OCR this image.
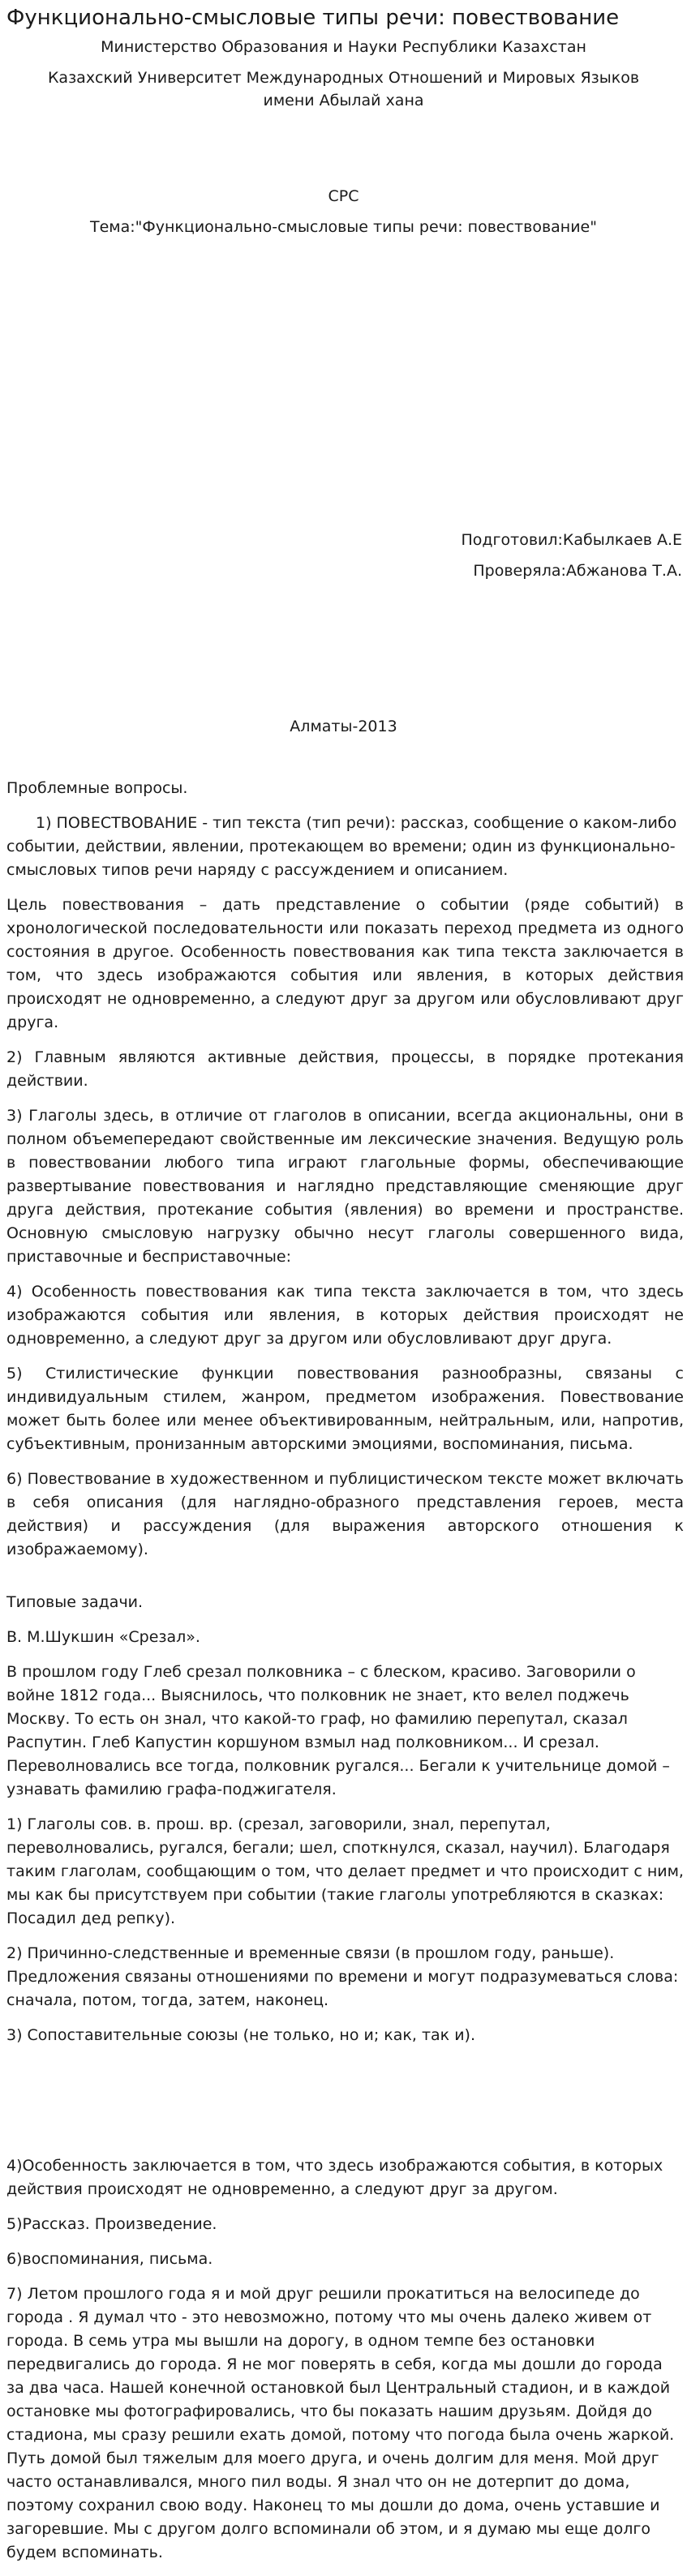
Функционально-смысловые типы речи: повествование

Министерство Образования и Науки Республики Казахстан

Казахский Университет Международных Отношений и Мировых Языков

имени Абылай хана

СРС

Тема:"Функционально-смысловые типы речи: повествование"

Подготовил:Кабылкаев А.Е

Проверяла:Абжанова Т.А.

Алматы-2013

Проблемные вопросы.

1) ПОВЕСТВОВАНИЕ - тип текста (тип речи): рассказ, сообщение о каком-либо событии, действии, явлении, протекающем во времени; один из функционально-смысловых типов речи наряду с рассуждением и описанием.

Цель повествования – дать представление о событии (ряде событий) в хронологической последовательности или показать переход предмета из одного состояния в другое. Особенность повествования как типа текста заключается в том, что здесь изображаются события или явления, в которых действия происходят не одновременно, а следуют друг за другом или обусловливают друг друга.

2) Главным являются активные действия, процессы, в порядке протекания действии.

3) Глаголы здесь, в отличие от глаголов в описании, всегда акциональны, они в полном объемепередают свойственные им лексические значения. Ведущую роль в повествовании любого типа играют глагольные формы, обеспечивающие развертывание повествования и наглядно представляющие сменяющие друг друга действия, протекание события (явления) во времени и пространстве. Основную смысловую нагрузку обычно несут глаголы совершенного вида, приставочные и бесприставочные:

4) Особенность повествования как типа текста заключается в том, что здесь изображаются события или явления, в которых действия происходят не одновременно, а следуют друг за другом или обусловливают друг друга.

5) Стилистические функции повествования разнообразны, связаны с индивидуальным стилем, жанром, предметом изображения. Повествование может быть более или менее объективированным, нейтральным, или, напротив, субъективным, пронизанным авторскими эмоциями, воспоминания, письма.

6) Повествование в художественном и публицистическом тексте может включать в себя описания (для наглядно-образного представления героев, места действия) и рассуждения (для выражения авторского отношения к изображаемому).

Типовые задачи.

В. М.Шукшин «Срезал».

В прошлом году Глеб срезал полковника – с блеском, красиво. Заговорили о войне 1812 года... Выяснилось, что полковник не знает, кто велел поджечь Москву. То есть он знал, что какой-то граф, но фамилию перепутал, сказал Распутин. Глеб Капустин коршуном взмыл над полковником... И срезал. Переволновались все тогда, полковник ругался... Бегали к учительнице домой –узнавать фамилию графа-поджигателя.

1) Глаголы сов. в. прош. вр. (срезал, заговорили, знал, перепутал, переволновались, ругался, бегали; шел, споткнулся, сказал, научил). Благодаря таким глаголам, сообщающим о том, что делает предмет и что происходит с ним, мы как бы присутствуем при событии (такие глаголы употребляются в сказках: Посадил дед репку).

2) Причинно-следственные и временные связи (в прошлом году, раньше). Предложения связаны отношениями по времени и могут подразумеваться слова: сначала, потом, тогда, затем, наконец.

3) Сопоставительные союзы (не только, но и; как, так и).

4)Особенность заключается в том, что здесь изображаются события, в которых действия происходят не одновременно, а следуют друг за другом.

5)Рассказ. Произведение.

6)воспоминания, письма.

7) Летом прошлого года я и мой друг решили прокатиться на велосипеде до города . Я думал что - это невозможно, потому что мы очень далеко живем от города. В семь утра мы вышли на дорогу, в одном темпе без остановки передвигались до города. Я не мог поверять в себя, когда мы дошли до города за два часа. Нашей конечной остановкой был Центральный стадион, и в каждой остановке мы фотографировались, что бы показать нашим друзьям. Дойдя до стадиона, мы сразу решили ехать домой, потому что погода была очень жаркой. Путь домой был тяжелым для моего друга, и очень долгим для меня. Мой друг часто останавливался, много пил воды. Я знал что он не дотерпит до дома, поэтому сохранил свою воду. Наконец то мы дошли до дома, очень уставшие и загоревшие. Мы с другом долго вспоминали об этом, и я думаю мы еще долго будем вспоминать.
